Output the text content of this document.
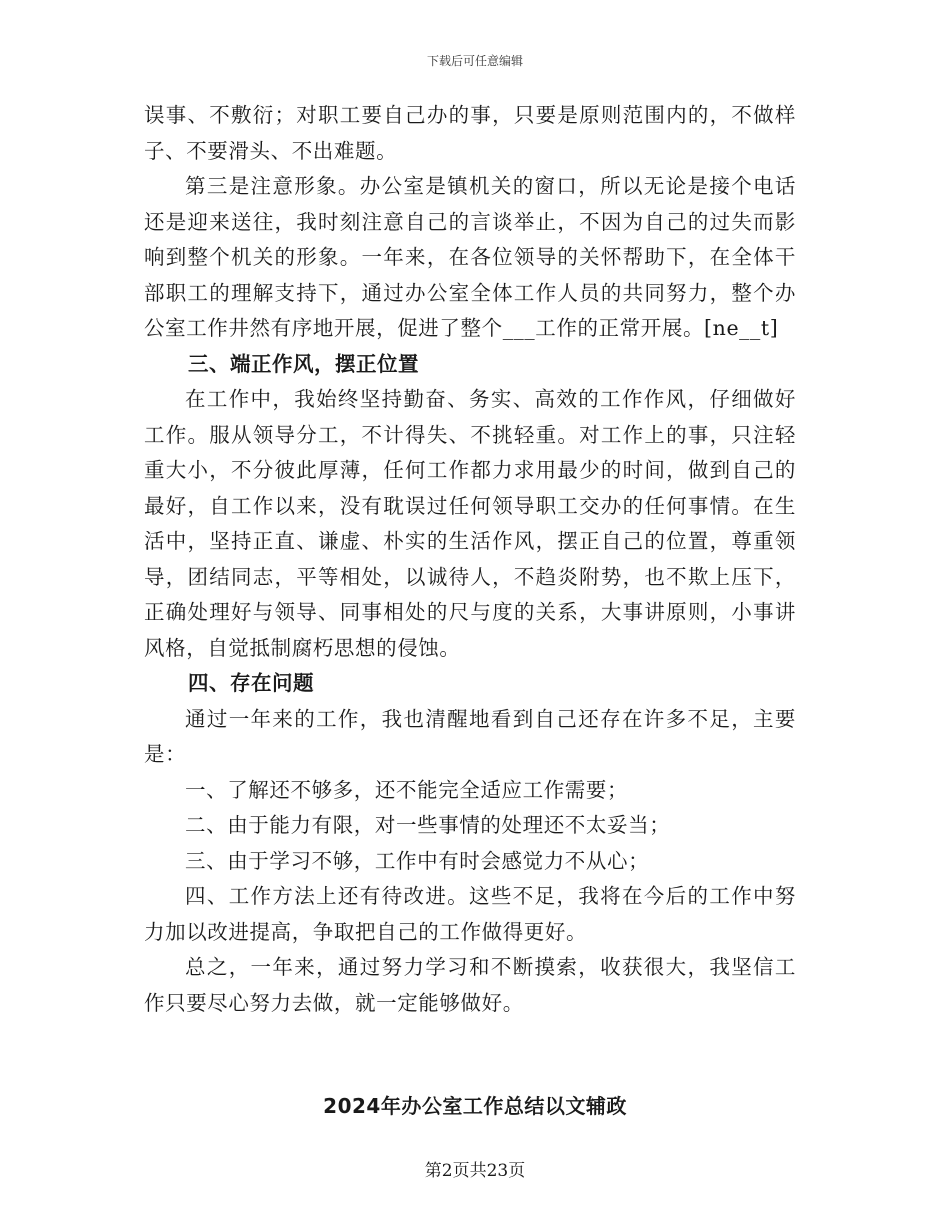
下载后可任意编辑

误事、不敷衍；对职工要自己办的事，只要是原则范围内的，不做样子、不要滑头、不出难题。

第三是注意形象。办公室是镇机关的窗口，所以无论是接个电话还是迎来送往，我时刻注意自己的言谈举止，不因为自己的过失而影响到整个机关的形象。一年来，在各位领导的关怀帮助下，在全体干部职工的理解支持下，通过办公室全体工作人员的共同努力，整个办公室工作井然有序地开展，促进了整个___工作的正常开展。[ne__t]

三、端正作风，摆正位置

在工作中，我始终坚持勤奋、务实、高效的工作作风，仔细做好工作。服从领导分工，不计得失、不挑轻重。对工作上的事，只注轻重大小，不分彼此厚薄，任何工作都力求用最少的时间，做到自己的最好，自工作以来，没有耽误过任何领导职工交办的任何事情。在生活中，坚持正直、谦虚、朴实的生活作风，摆正自己的位置，尊重领导，团结同志，平等相处，以诚待人，不趋炎附势，也不欺上压下，正确处理好与领导、同事相处的尺与度的关系，大事讲原则，小事讲风格，自觉抵制腐朽思想的侵蚀。

四、存在问题

通过一年来的工作，我也清醒地看到自己还存在许多不足，主要是：

一、了解还不够多，还不能完全适应工作需要；

二、由于能力有限，对一些事情的处理还不太妥当；

三、由于学习不够，工作中有时会感觉力不从心；

四、工作方法上还有待改进。这些不足，我将在今后的工作中努力加以改进提高，争取把自己的工作做得更好。

总之，一年来，通过努力学习和不断摸索，收获很大，我坚信工作只要尽心努力去做，就一定能够做好。

2024年办公室工作总结以文辅政
第2页共23页
